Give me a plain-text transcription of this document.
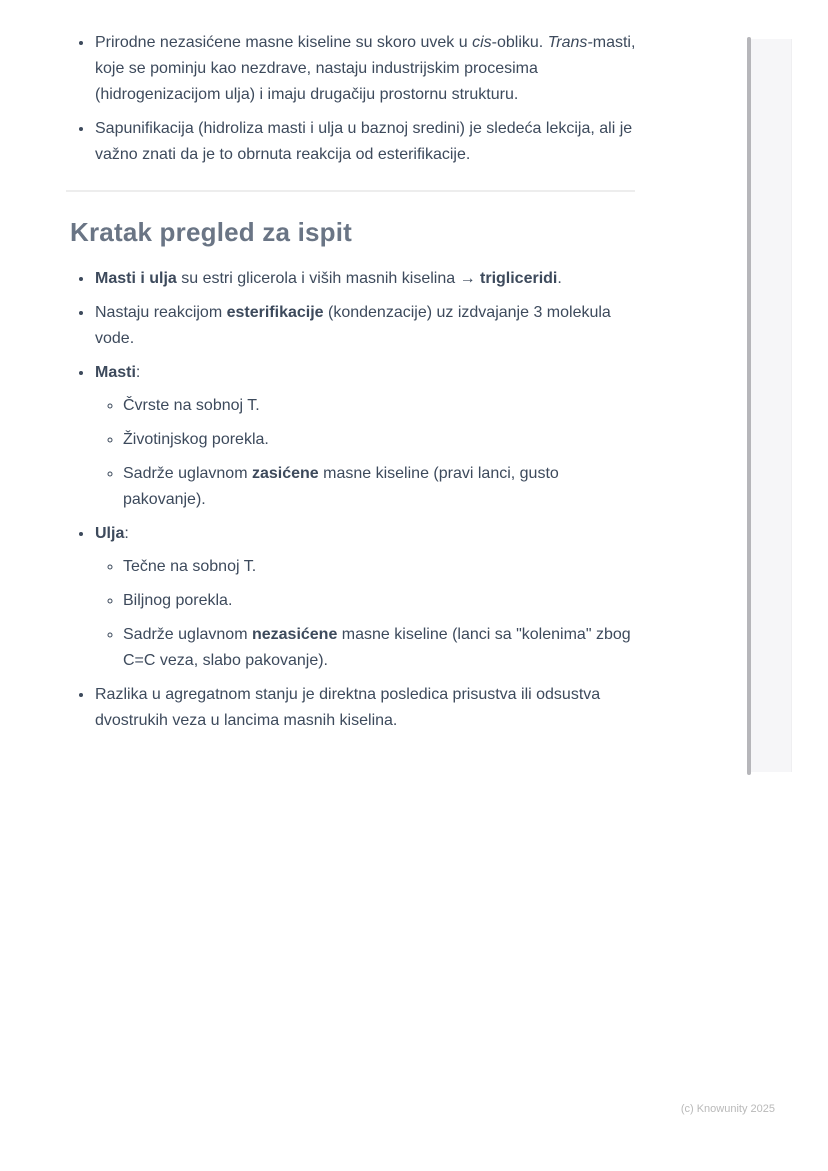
• Prirodne nezasićene masne kiseline su skoro uvek u cis-obliku. Trans-masti, koje se pominju kao nezdrave, nastaju industrijskim procesima (hidrogenizacijom ulja) i imaju drugačiju prostornu strukturu.
• Sapunifikacija (hidroliza masti i ulja u baznoj sredini) je sledeća lekcija, ali je važno znati da je to obrnuta reakcija od esterifikacije.
Kratak pregled za ispit
• Masti i ulja su estri glicerola i viših masnih kiselina → trigliceridi.
• Nastaju reakcijom esterifikacije (kondenzacije) uz izdvajanje 3 molekula vode.
• Masti:
◦ Čvrste na sobnoj T.
◦ Životinjskog porekla.
◦ Sadrže uglavnom zasićene masne kiseline (pravi lanci, gusto pakovanje).
• Ulja:
◦ Tečne na sobnoj T.
◦ Biljnog porekla.
◦ Sadrže uglavnom nezasićene masne kiseline (lanci sa "kolenima" zbog C=C veza, slabo pakovanje).
• Razlika u agregatnom stanju je direktna posledica prisustva ili odsustva dvostrukih veza u lancima masnih kiselina.
(c) Knowunity 2025
